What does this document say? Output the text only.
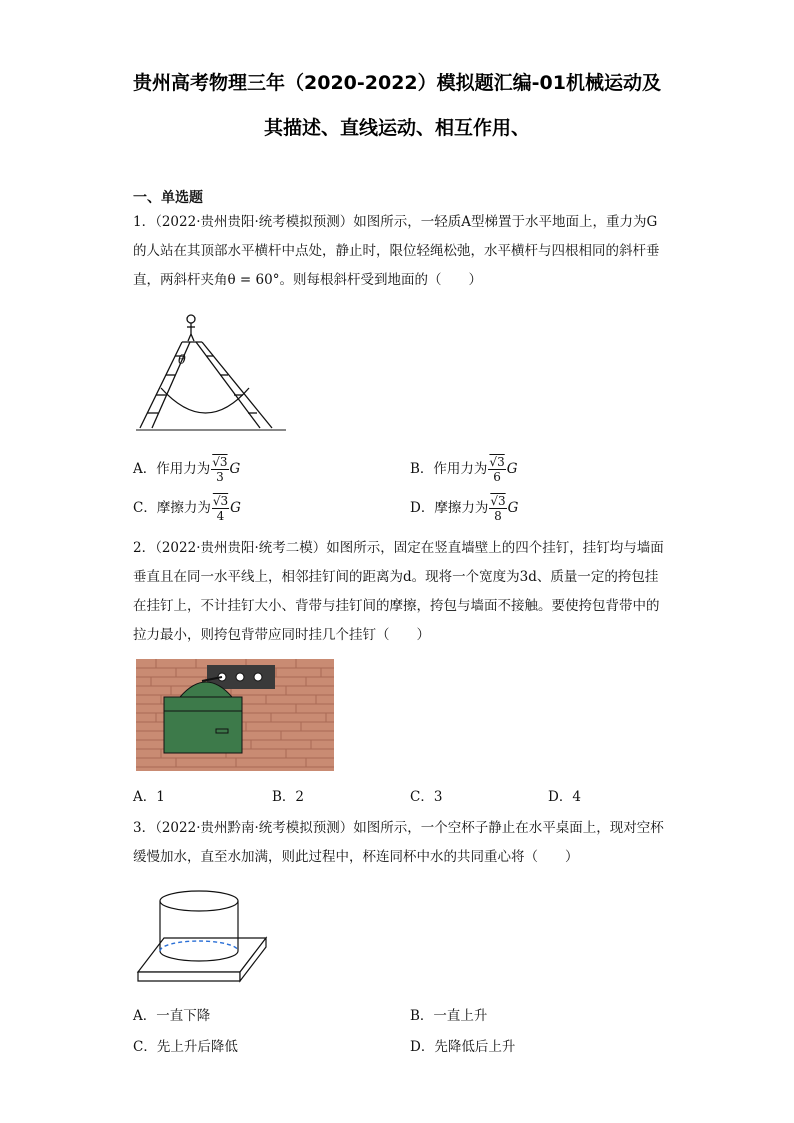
贵州高考物理三年（2020-2022）模拟题汇编-01机械运动及
其描述、直线运动、相互作用、
一、单选题

1．（2022·贵州贵阳·统考模拟预测）如图所示，一轻质A型梯置于水平地面上，重力为G的人站在其顶部水平横杆中点处，静止时，限位轻绳松弛，水平横杆与四根相同的斜杆垂直，两斜杆夹角θ = 60°。则每根斜杆受到地面的（　　）

θ
A．作用力为 $\frac{√3}{3}$ G	B．作用力为 $\frac{√3}{6}$ G
C．摩擦力为 $\frac{√3}{4}$ G	D．摩擦力为 $\frac{√3}{8}$ G

2．（2022·贵州贵阳·统考二模）如图所示，固定在竖直墙壁上的四个挂钉，挂钉均与墙面垂直且在同一水平线上，相邻挂钉间的距离为d。现将一个宽度为3d、质量一定的挎包挂在挂钉上，不计挂钉大小、背带与挂钉间的摩擦，挎包与墙面不接触。要使挎包背带中的拉力最小，则挎包背带应同时挂几个挂钉（　　）

A．1	B．2	C．3	D．4

3．（2022·贵州黔南·统考模拟预测）如图所示，一个空杯子静止在水平桌面上，现对空杯缓慢加水，直至水加满，则此过程中，杯连同杯中水的共同重心将（　　）

A．一直下降	B．一直上升
C．先上升后降低	D．先降低后上升
